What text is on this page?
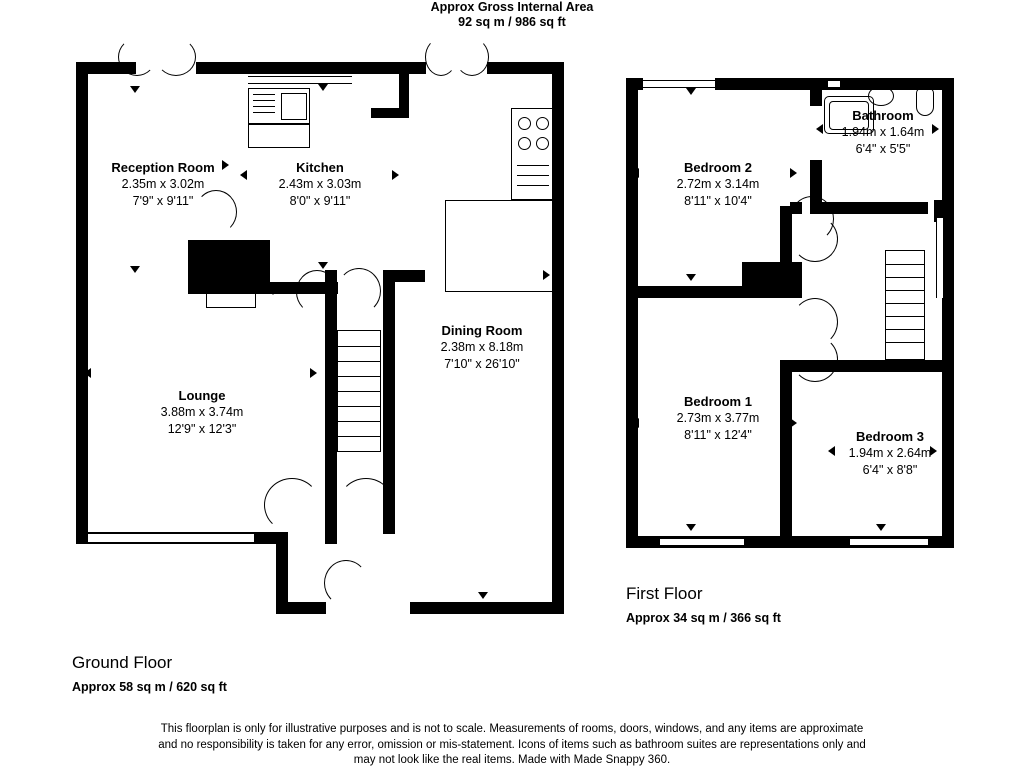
Approx Gross Internal Area
92 sq m / 986 sq ft
Reception Room
2.35m x 3.02m
7'9" x 9'11"
Kitchen
2.43m x 3.03m
8'0" x 9'11"
Dining Room
2.38m x 8.18m
7'10" x 26'10"
Lounge
3.88m x 3.74m
12'9" x 12'3"
Bathroom
1.94m x 1.64m
6'4" x 5'5"
Bedroom 2
2.72m x 3.14m
8'11" x 10'4"
Bedroom 1
2.73m x 3.77m
8'11" x 12'4"	Bedroom 3
1.94m x 2.64m
6'4" x 8'8"
First Floor
Approx 34 sq m / 366 sq ft
Ground Floor
Approx 58 sq m / 620 sq ft
This floorplan is only for illustrative purposes and is not to scale. Measurements of rooms, doors, windows, and any items are approximate
and no responsibility is taken for any error, omission or mis-statement. Icons of items such as bathroom suites are representations only and
may not look like the real items. Made with Made Snappy 360.
